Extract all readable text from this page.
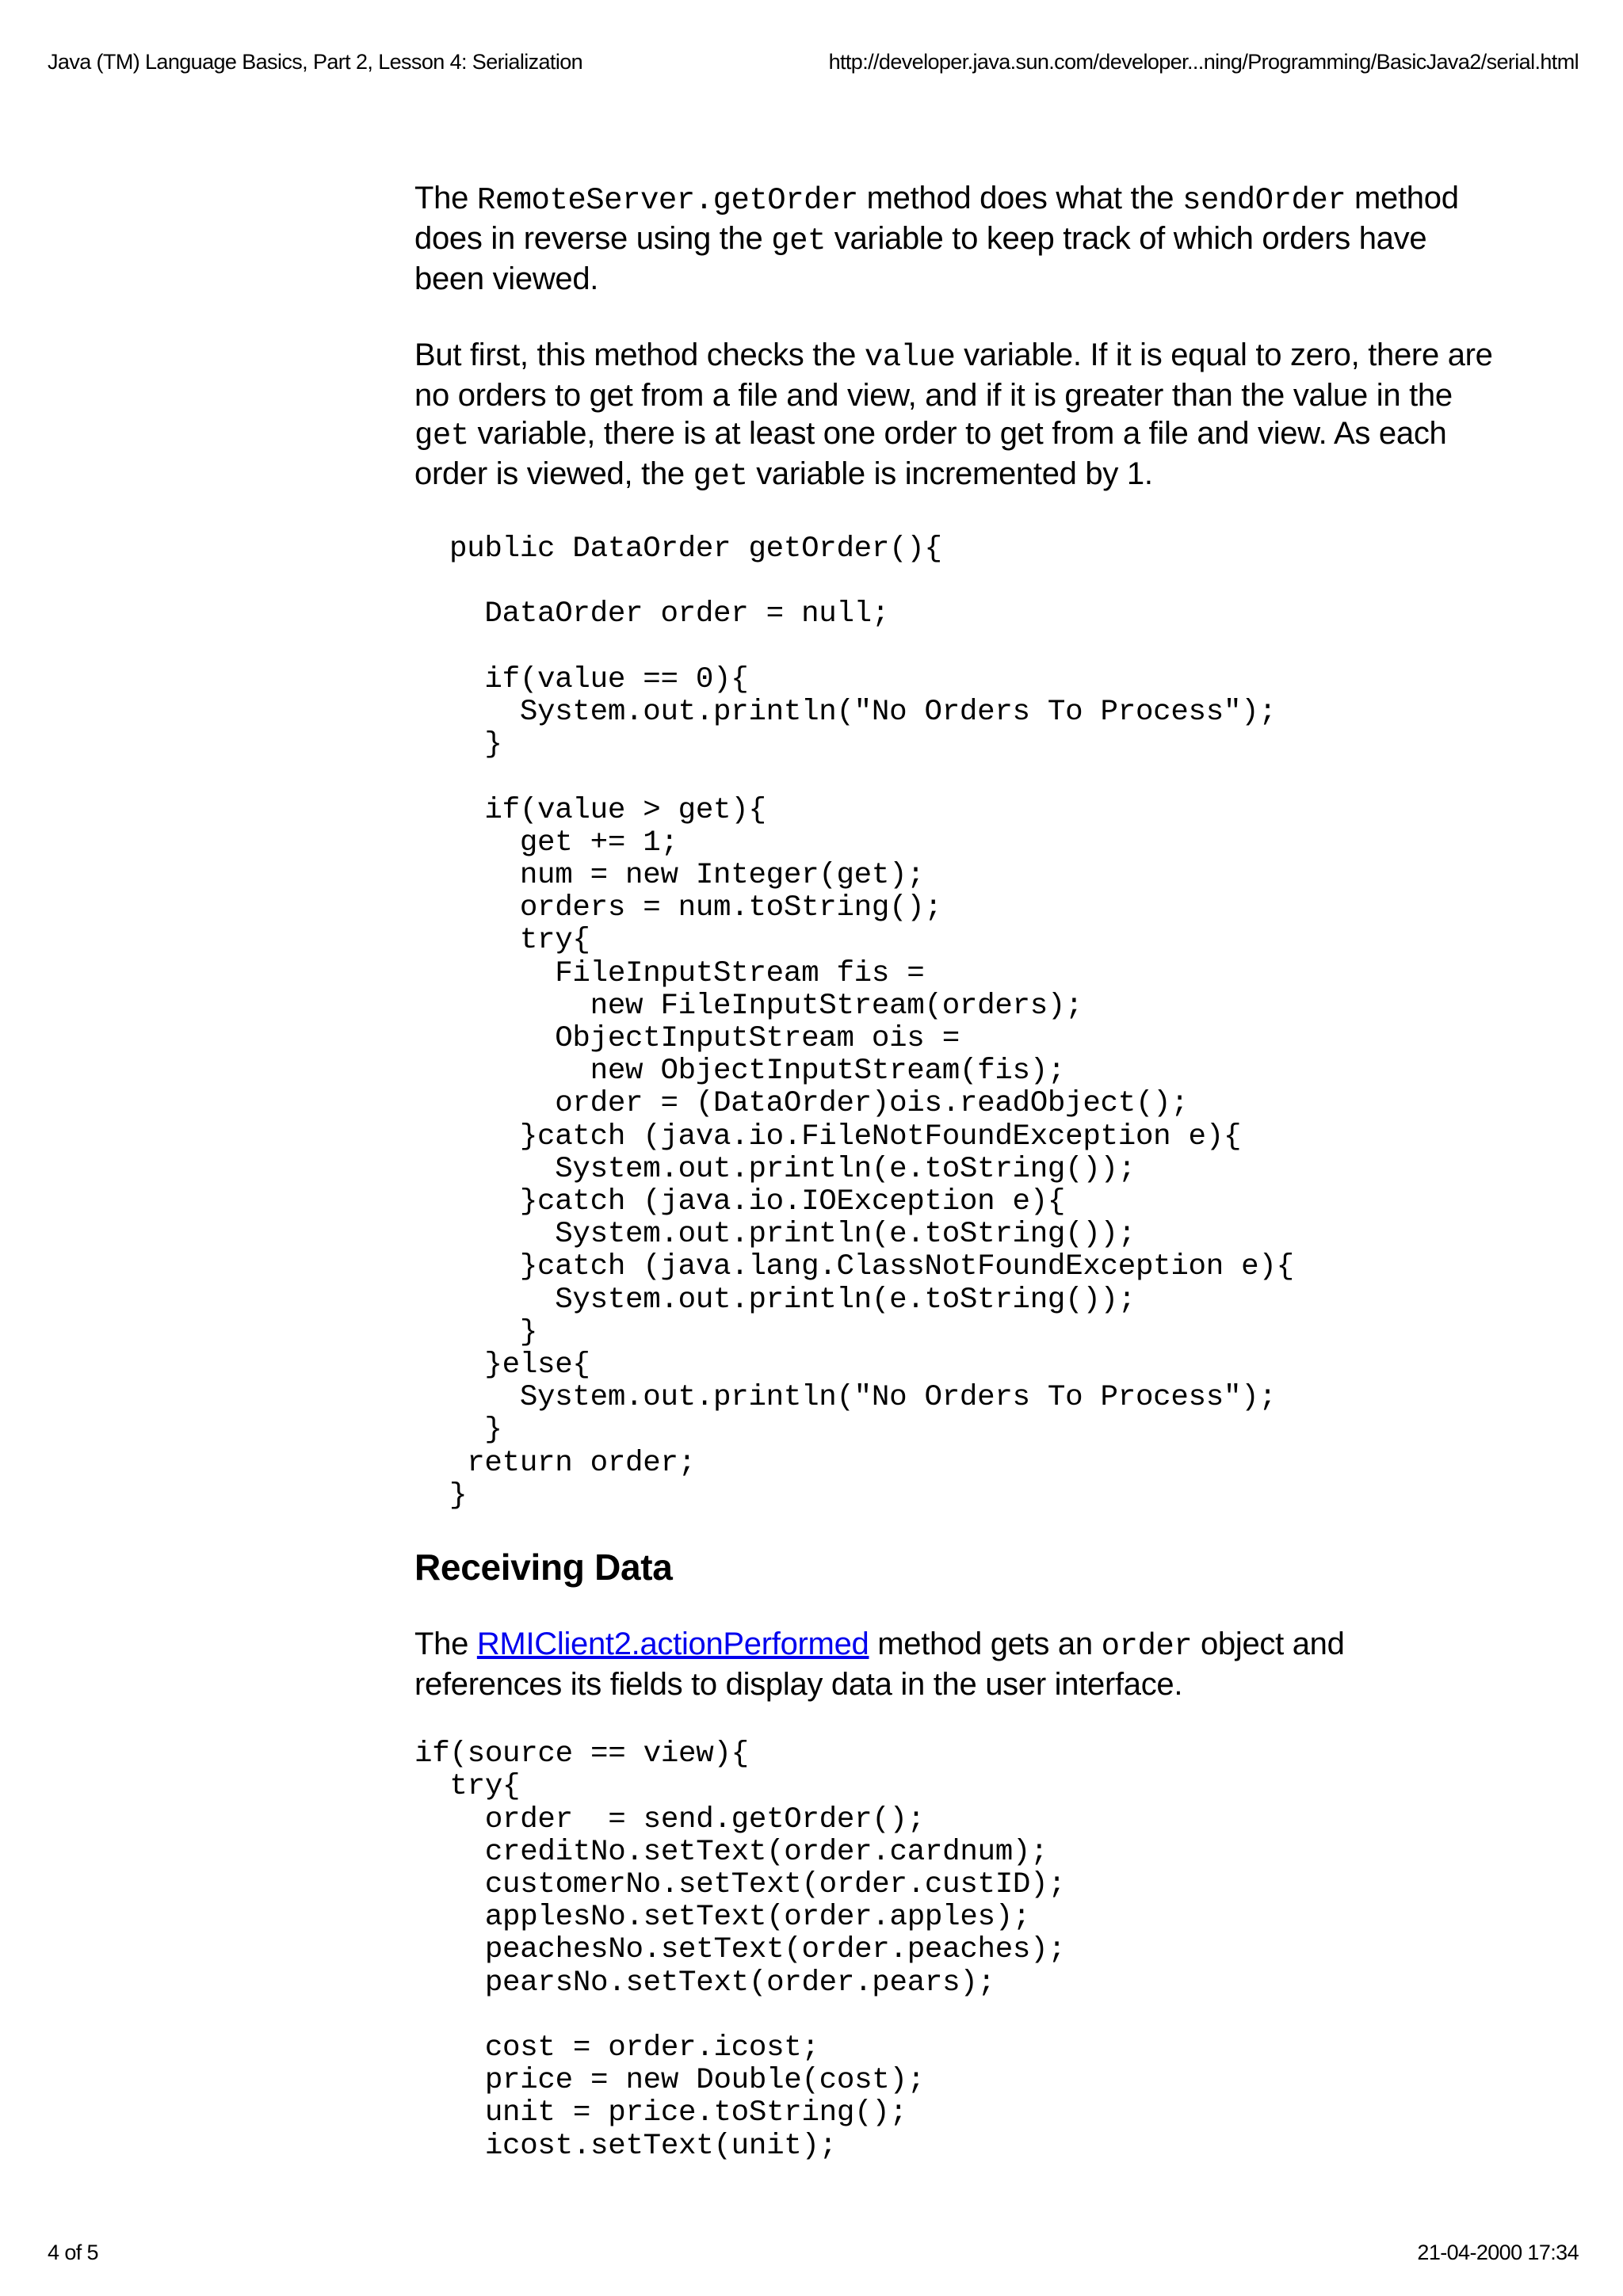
Java (TM) Language Basics, Part 2, Lesson 4: Serialization	http://developer.java.sun.com/developer...ning/Programming/BasicJava2/serial.html

The RemoteServer.getOrder method does what the sendOrder method does in reverse using the get variable to keep track of which orders have been viewed.

But first, this method checks the value variable. If it is equal to zero, there are no orders to get from a file and view, and if it is greater than the value in the get variable, there is at least one order to get from a file and view. As each order is viewed, the get variable is incremented by 1.

public DataOrder getOrder(){

DataOrder order = null;

if(value == 0){
System.out.println("No Orders To Process");
}

if(value > get){
get += 1;
num = new Integer(get);
orders = num.toString();
try{
FileInputStream fis =
new FileInputStream(orders);
ObjectInputStream ois =
new ObjectInputStream(fis);
order = (DataOrder)ois.readObject();
}catch (java.io.FileNotFoundException e){
System.out.println(e.toString());
}catch (java.io.IOException e){
System.out.println(e.toString());
}catch (java.lang.ClassNotFoundException e){
System.out.println(e.toString());
}
}else{
System.out.println("No Orders To Process");
}
return order;
}
Receiving Data

The RMIClient2.actionPerformed method gets an order object and references its fields to display data in the user interface.

if(source == view){
try{
order  = send.getOrder();
creditNo.setText(order.cardnum);
customerNo.setText(order.custID);
applesNo.setText(order.apples);
peachesNo.setText(order.peaches);
pearsNo.setText(order.pears);

cost = order.icost;
price = new Double(cost);
unit = price.toString();
icost.setText(unit);
4 of 5	21-04-2000 17:34
